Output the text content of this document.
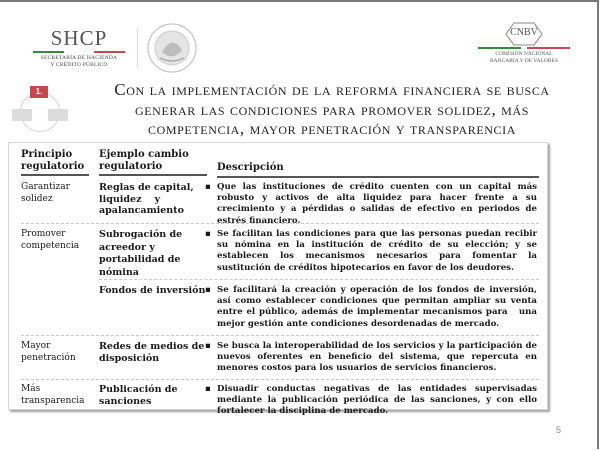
SHCP
SECRETARÍA DE HACIENDA
Y CRÉDITO PÚBLICO
CNBV
COMISIÓN NACIONAL
BANCARIA Y DE VALORES
1.	Con la implementación de la reforma financiera se busca
generar las condiciones para promover solidez, más
competencia, mayor penetración y transparencia
Principio
regulatorio
Ejemplo cambio
regulatorio	Descripción
Garantizar
solidez
Reglas de capital,
liquidez    y
apalancamiento
▪ Que las instituciones de crédito cuenten con un capital más robusto y activos de alta liquidez para hacer frente a su crecimiento y a pérdidas o salidas de efectivo en periodos de estrés financiero.
Promover
competencia
Subrogación de
acreedor y
portabilidad de
nómina
▪ Se facilitan las condiciones para que las personas puedan recibir su nómina en la institución de crédito de su elección; y se establecen los mecanismos necesarios para fomentar la sustitución de créditos hipotecarios en favor de los deudores.
Fondos de inversión ▪ Se facilitará la creación y operación de los fondos de inversión, así como establecer condiciones que permitan ampliar su venta entre el público, además de implementar mecanismos para   una mejor gestión ante condiciones desordenadas de mercado.
Mayor
penetración
Redes de medios de
disposición
▪ Se busca la interoperabilidad de los servicios y la participación de nuevos oferentes en beneficio del sistema, que repercuta en menores costos para los usuarios de servicios financieros.
Más
transparencia
Publicación de
sanciones
▪ Disuadir conductas negativas de las entidades supervisadas mediante la publicación periódica de las sanciones, y con ello fortalecer la disciplina de mercado.
5
